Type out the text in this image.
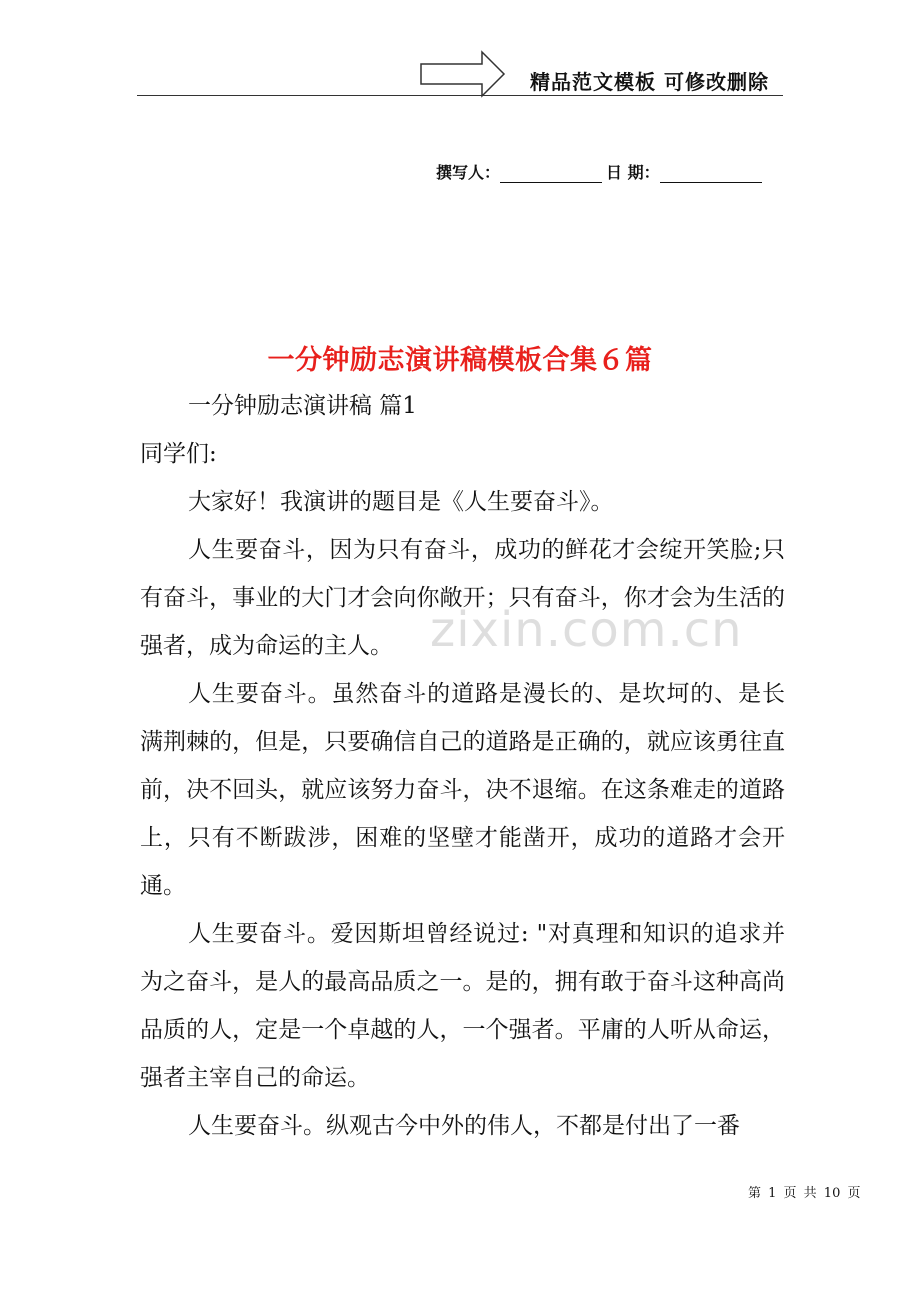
精品范文模板 可修改删除
撰写人：	日 期：
一分钟励志演讲稿模板合集６篇

一分钟励志演讲稿 篇1

同学们:

大家好！我演讲的题目是《人生要奋斗》。

人生要奋斗，因为只有奋斗，成功的鲜花才会绽开笑脸;只有奋斗，事业的大门才会向你敞开；只有奋斗，你才会为生活的强者，成为命运的主人。

人生要奋斗。虽然奋斗的道路是漫长的、是坎坷的、是长满荆棘的，但是，只要确信自己的道路是正确的，就应该勇往直前，决不回头，就应该努力奋斗，决不退缩。在这条难走的道路上，只有不断跋涉，困难的坚壁才能凿开，成功的道路才会开通。

人生要奋斗。爱因斯坦曾经说过: "对真理和知识的追求并为之奋斗，是人的最高品质之一。是的，拥有敢于奋斗这种高尚品质的人，定是一个卓越的人，一个强者。平庸的人听从命运，强者主宰自己的命运。

人生要奋斗。纵观古今中外的伟人，不都是付出了一番

zixin.com.cn
第 1 页 共 10 页
